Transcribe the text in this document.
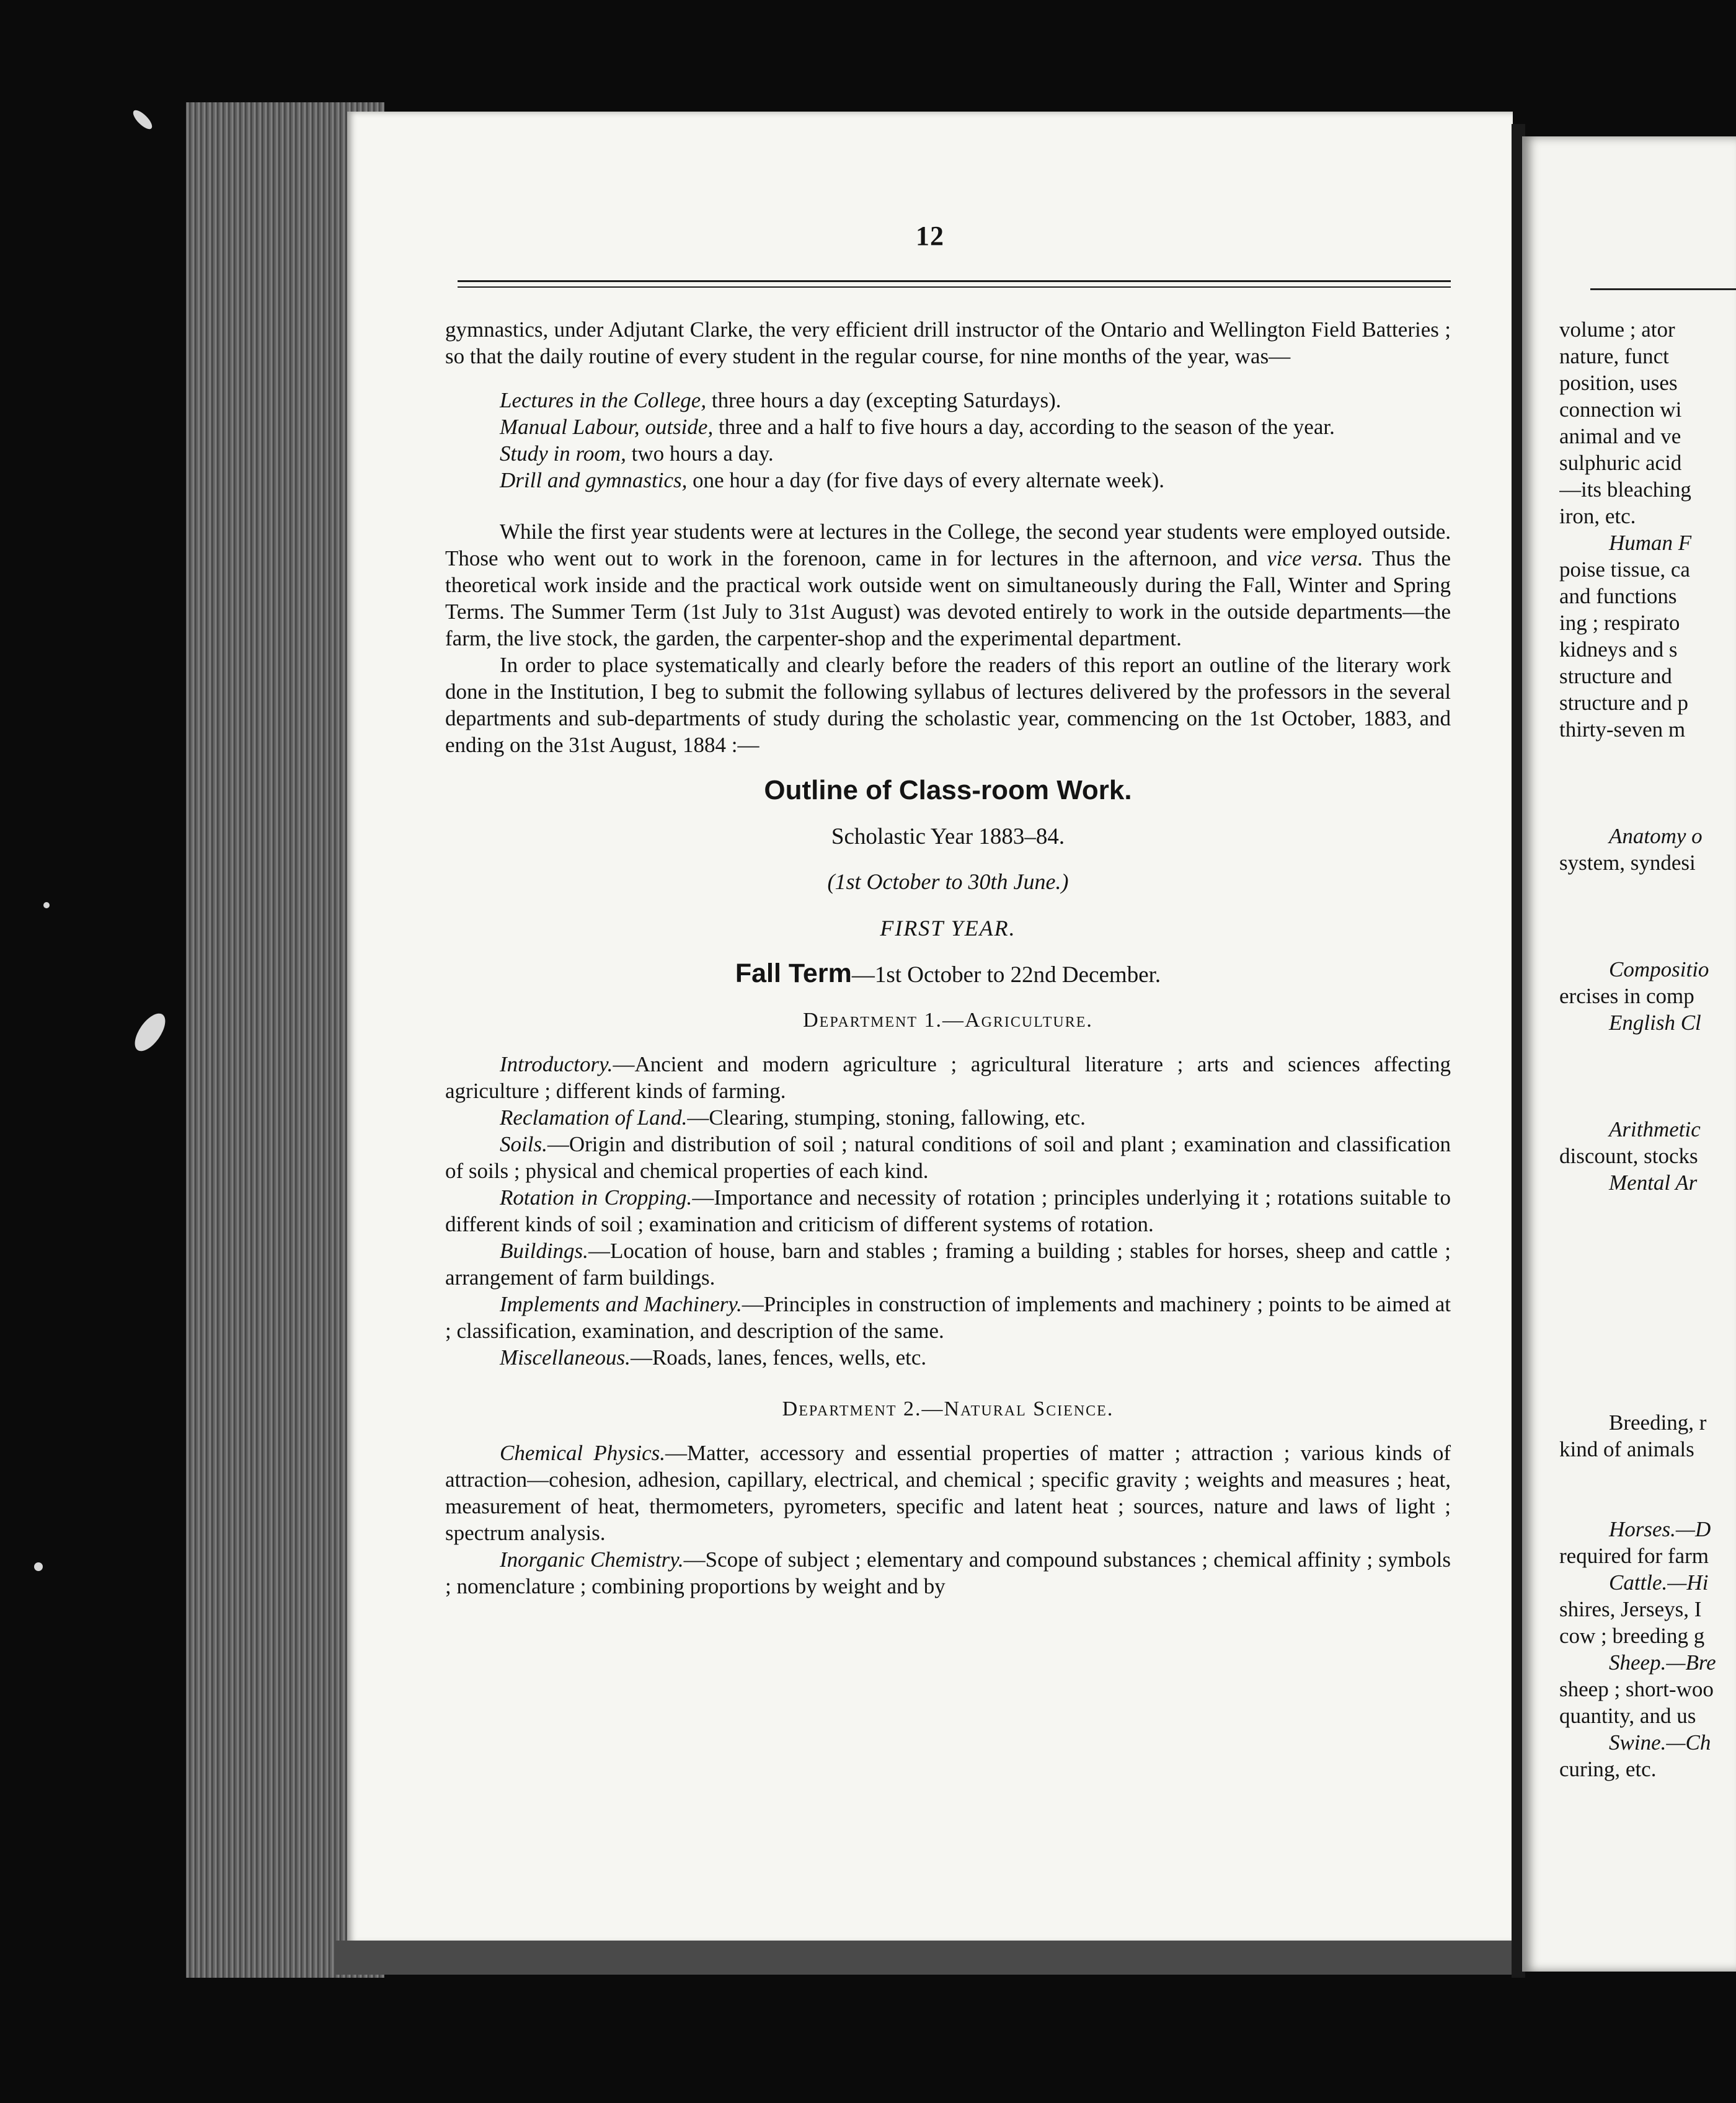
12

gymnastics, under Adjutant Clarke, the very efficient drill instructor of the Ontario and Wellington Field Batteries ; so that the daily routine of every student in the regular course, for nine months of the year, was—

Lectures in the College, three hours a day (excepting Saturdays).

Manual Labour, outside, three and a half to five hours a day, according to the season of the year.

Study in room, two hours a day.

Drill and gymnastics, one hour a day (for five days of every alternate week).

While the first year students were at lectures in the College, the second year students were employed outside. Those who went out to work in the forenoon, came in for lectures in the afternoon, and vice versa. Thus the theoretical work inside and the practical work outside went on simultaneously during the Fall, Winter and Spring Terms. The Summer Term (1st July to 31st August) was devoted entirely to work in the outside departments—the farm, the live stock, the garden, the carpenter-shop and the experimental department.

In order to place systematically and clearly before the readers of this report an outline of the literary work done in the Institution, I beg to submit the following syllabus of lectures delivered by the professors in the several departments and sub-departments of study during the scholastic year, commencing on the 1st October, 1883, and ending on the 31st August, 1884 :—

Outline of Class-room Work.
Scholastic Year 1883–84.
(1st October to 30th June.)
FIRST YEAR.
Fall Term—1st October to 22nd December.
Department 1.—Agriculture.

Introductory.—Ancient and modern agriculture ; agricultural literature ; arts and sciences affecting agriculture ; different kinds of farming.

Reclamation of Land.—Clearing, stumping, stoning, fallowing, etc.

Soils.—Origin and distribution of soil ; natural conditions of soil and plant ; examination and classification of soils ; physical and chemical properties of each kind.

Rotation in Cropping.—Importance and necessity of rotation ; principles underlying it ; rotations suitable to different kinds of soil ; examination and criticism of different systems of rotation.

Buildings.—Location of house, barn and stables ; framing a building ; stables for horses, sheep and cattle ; arrangement of farm buildings.

Implements and Machinery.—Principles in construction of implements and machinery ; points to be aimed at ; classification, examination, and description of the same.

Miscellaneous.—Roads, lanes, fences, wells, etc.

Department 2.—Natural Science.

Chemical Physics.—Matter, accessory and essential properties of matter ; attraction ; various kinds of attraction—cohesion, adhesion, capillary, electrical, and chemical ; specific gravity ; weights and measures ; heat, measurement of heat, thermometers, pyrometers, specific and latent heat ; sources, nature and laws of light ; spectrum analysis.

Inorganic Chemistry.—Scope of subject ; elementary and compound substances ; chemical affinity ; symbols ; nomenclature ; combining proportions by weight and by

volume ; ator
nature, funct
position, uses
connection wi
animal and ve
sulphuric acid
—its bleaching
iron, etc.
Human F
poise tissue, ca
and functions
ing ; respirato
kidneys and s
structure and
structure and p
thirty-seven m
Anatomy o
system, syndesi
Compositio
ercises in comp
English Cl
Arithmetic
discount, stocks
Mental Ar
Breeding, r
kind of animals
Horses.—D
required for farm
Cattle.—Hi
shires, Jerseys, I
cow ; breeding g
Sheep.—Bre
sheep ; short-woo
quantity, and us
Swine.—Ch
curing, etc.
